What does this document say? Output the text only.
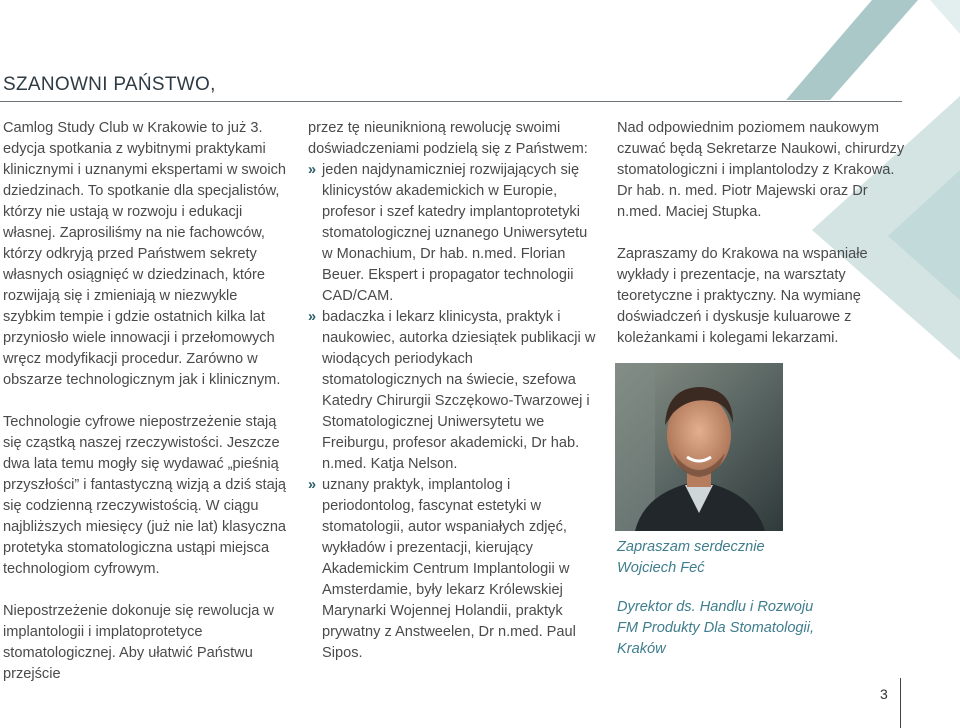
SZANOWNI PAŃSTWO,

Camlog Study Club w Krakowie to już 3. edycja spotkania z wybitnymi praktykami klinicznymi i uznanymi ekspertami w swoich dziedzinach. To spotkanie dla specjalistów, którzy nie ustają w rozwoju i edukacji własnej. Zaprosiliśmy na nie fachowców, którzy odkryją przed Państwem sekrety własnych osiągnięć w dziedzinach, które rozwijają się i zmieniają w niezwykle szybkim tempie i gdzie ostatnich kilka lat przyniosło wiele innowacji i przełomowych wręcz modyfikacji procedur. Zarówno w obszarze technologicznym jak i klinicznym.

Technologie cyfrowe niepostrzeżenie stają się cząstką naszej rzeczywistości. Jeszcze dwa lata temu mogły się wydawać „pieśnią przyszłości” i fantastyczną wizją a dziś stają się codzienną rzeczywistością. W ciągu najbliższych miesięcy (już nie lat) klasyczna protetyka stomatologiczna ustąpi miejsca technologiom cyfrowym.

Niepostrzeżenie dokonuje się rewolucja w implantologii i implatoprotetyce stomatologicznej. Aby ułatwić Państwu przejście

przez tę nieuniknioną rewolucję swoimi doświadczeniami podzielą się z Państwem:

» jeden najdynamiczniej rozwijających się klinicystów akademickich w Europie, profesor i szef katedry implantoprotetyki stomatologicznej uznanego Uniwersytetu w Monachium, Dr hab. n.med. Florian Beuer. Ekspert i propagator technologii CAD/CAM.
» badaczka i lekarz klinicysta, praktyk i naukowiec, autorka dziesiątek publikacji w wiodących periodykach stomatologicznych na świecie, szefowa Katedry Chirurgii Szczękowo-Twarzowej i Stomatologicznej Uniwersytetu we Freiburgu, profesor akademicki, Dr hab. n.med. Katja Nelson.
» uznany praktyk, implantolog i periodontolog, fascynat estetyki w stomatologii, autor wspaniałych zdjęć, wykładów i prezentacji, kierujący Akademickim Centrum Implantologii w Amsterdamie, były lekarz Królewskiej Marynarki Wojennej Holandii, praktyk prywatny z Anstweelen, Dr n.med. Paul Sipos.

Nad odpowiednim poziomem naukowym czuwać będą Sekretarze Naukowi, chirurdzy stomatologiczni i implantolodzy z Krakowa. Dr hab. n. med. Piotr Majewski oraz Dr n.med. Maciej Stupka.

Zapraszamy do Krakowa na wspaniałe wykłady i prezentacje, na warsztaty teoretyczne i praktyczny. Na wymianę doświadczeń i dyskusje kuluarowe z koleżankami i kolegami lekarzami.

Zapraszam serdecznie

Wojciech Feć

Dyrektor ds. Handlu i Rozwoju

FM Produkty Dla Stomatologii,

Kraków

3
